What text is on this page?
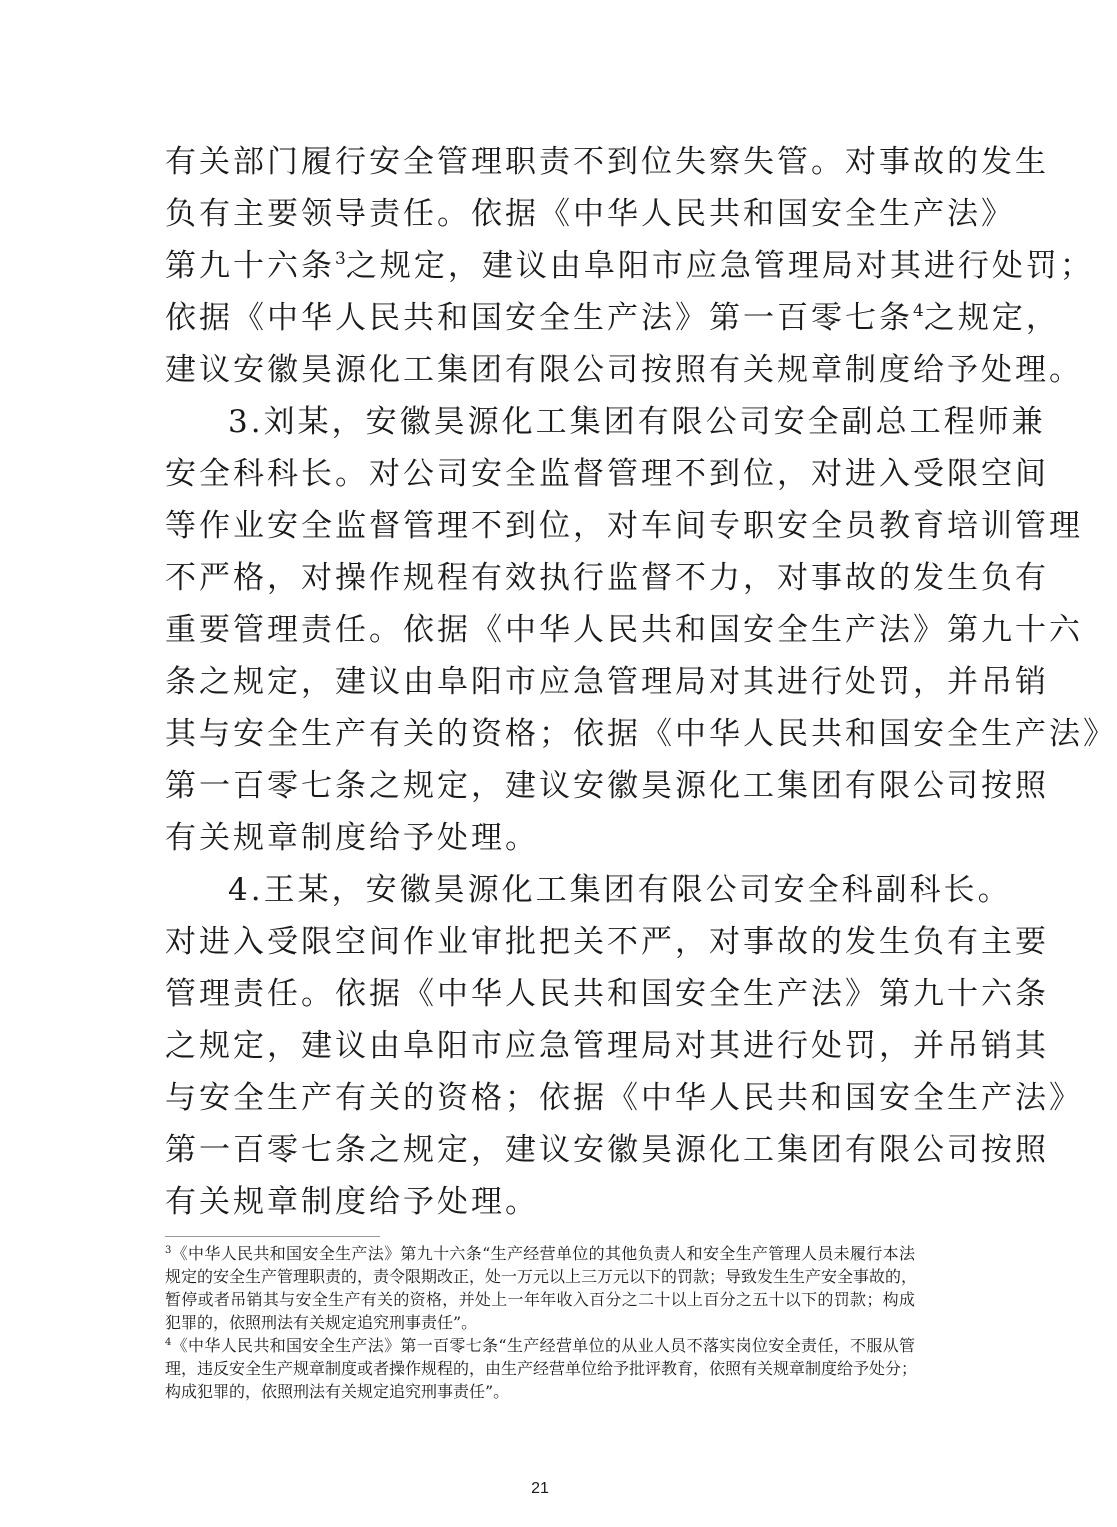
有关部门履行安全管理职责不到位失察失管。对事故的发生
负有主要领导责任。依据《中华人民共和国安全生产法》
第九十六条$^3$之规定，建议由阜阳市应急管理局对其进行处罚；
依据《中华人民共和国安全生产法》第一百零七条$^4$之规定，
建议安徽昊源化工集团有限公司按照有关规章制度给予处理。
3.刘某，安徽昊源化工集团有限公司安全副总工程师兼
安全科科长。对公司安全监督管理不到位，对进入受限空间
等作业安全监督管理不到位，对车间专职安全员教育培训管理
不严格，对操作规程有效执行监督不力，对事故的发生负有
重要管理责任。依据《中华人民共和国安全生产法》第九十六
条之规定，建议由阜阳市应急管理局对其进行处罚，并吊销
其与安全生产有关的资格；依据《中华人民共和国安全生产法》
第一百零七条之规定，建议安徽昊源化工集团有限公司按照
有关规章制度给予处理。
4.王某，安徽昊源化工集团有限公司安全科副科长。
对进入受限空间作业审批把关不严，对事故的发生负有主要
管理责任。依据《中华人民共和国安全生产法》第九十六条
之规定，建议由阜阳市应急管理局对其进行处罚，并吊销其
与安全生产有关的资格；依据《中华人民共和国安全生产法》
第一百零七条之规定，建议安徽昊源化工集团有限公司按照
有关规章制度给予处理。
$^3$《中华人民共和国安全生产法》第九十六条“生产经营单位的其他负责人和安全生产管理人员未履行本法
规定的安全生产管理职责的，责令限期改正，处一万元以上三万元以下的罚款；导致发生生产安全事故的，
暂停或者吊销其与安全生产有关的资格，并处上一年年收入百分之二十以上百分之五十以下的罚款；构成
犯罪的，依照刑法有关规定追究刑事责任”。
$^4$《中华人民共和国安全生产法》第一百零七条“生产经营单位的从业人员不落实岗位安全责任，不服从管
理，违反安全生产规章制度或者操作规程的，由生产经营单位给予批评教育，依照有关规章制度给予处分；
构成犯罪的，依照刑法有关规定追究刑事责任”。
21
